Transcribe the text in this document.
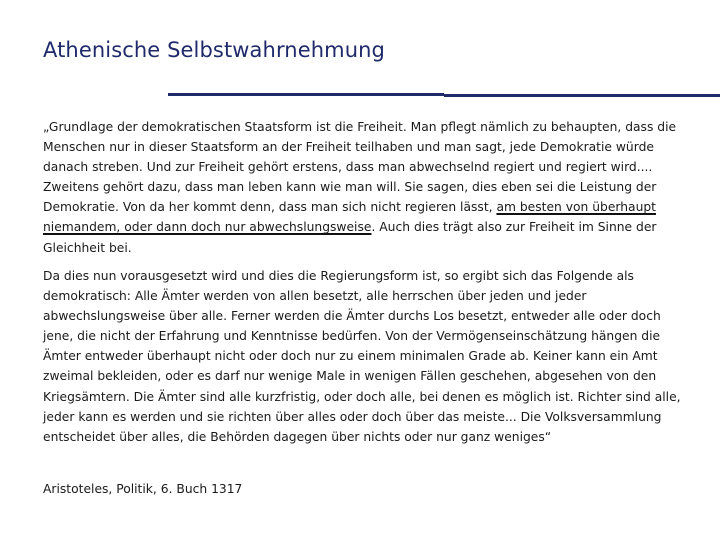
Athenische Selbstwahrnehmung

„Grundlage der demokratischen Staatsform ist die Freiheit. Man pflegt nämlich zu behaupten, dass die Menschen nur in dieser Staatsform an der Freiheit teilhaben und man sagt, jede Demokratie würde danach streben. Und zur Freiheit gehört erstens, dass man abwechselnd regiert und regiert wird.... Zweitens gehört dazu, dass man leben kann wie man will. Sie sagen, dies eben sei die Leistung der Demokratie. Von da her kommt denn, dass man sich nicht regieren lässt, am besten von überhaupt niemandem, oder dann doch nur abwechslungsweise. Auch dies trägt also zur Freiheit im Sinne der Gleichheit bei.

Da dies nun vorausgesetzt wird und dies die Regierungsform ist, so ergibt sich das Folgende als demokratisch: Alle Ämter werden von allen besetzt, alle herrschen über jeden und jeder abwechslungsweise über alle. Ferner werden die Ämter durchs Los besetzt, entweder alle oder doch jene, die nicht der Erfahrung und Kenntnisse bedürfen. Von der Vermögenseinschätzung hängen die Ämter entweder überhaupt nicht oder doch nur zu einem minimalen Grade ab. Keiner kann ein Amt zweimal bekleiden, oder es darf nur wenige Male in wenigen Fällen geschehen, abgesehen von den Kriegsämtern. Die Ämter sind alle kurzfristig, oder doch alle, bei denen es möglich ist. Richter sind alle, jeder kann es werden und sie richten über alles oder doch über das meiste... Die Volksversammlung entscheidet über alles, die Behörden dagegen über nichts oder nur ganz weniges“

Aristoteles, Politik, 6. Buch 1317
